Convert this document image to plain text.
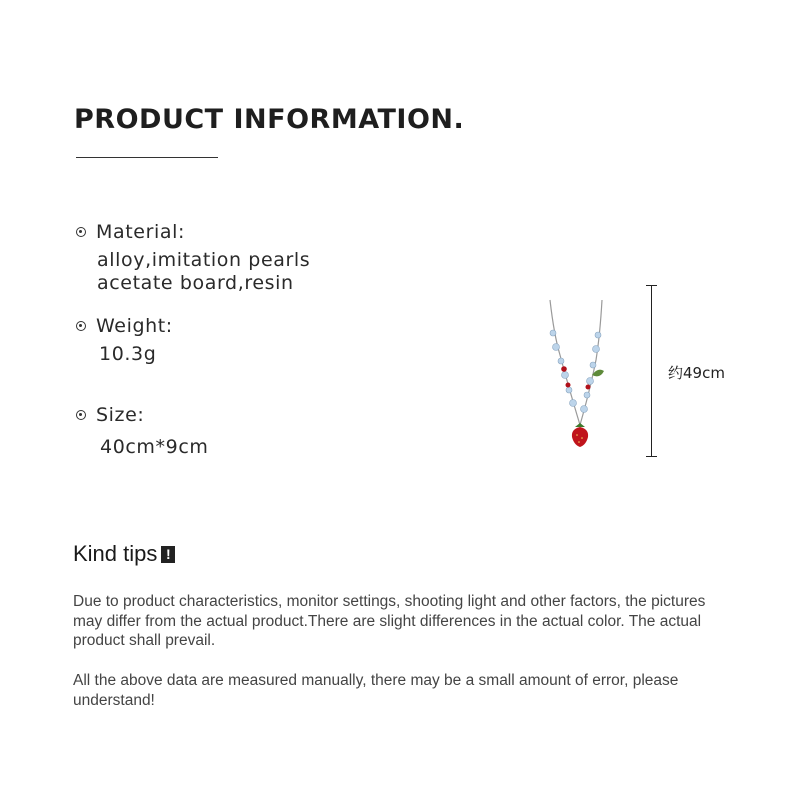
PRODUCT INFORMATION.
Material:
alloy,imitation pearls
acetate board,resin
Weight:
10.3g
Size:
40cm*9cm
约49cm
Kind tips !

Due to product characteristics, monitor settings, shooting light and other factors, the pictures may differ from the actual product.There are slight differences in the actual color. The actual product shall prevail.

All the above data are measured manually, there may be a small amount of error, please understand!
